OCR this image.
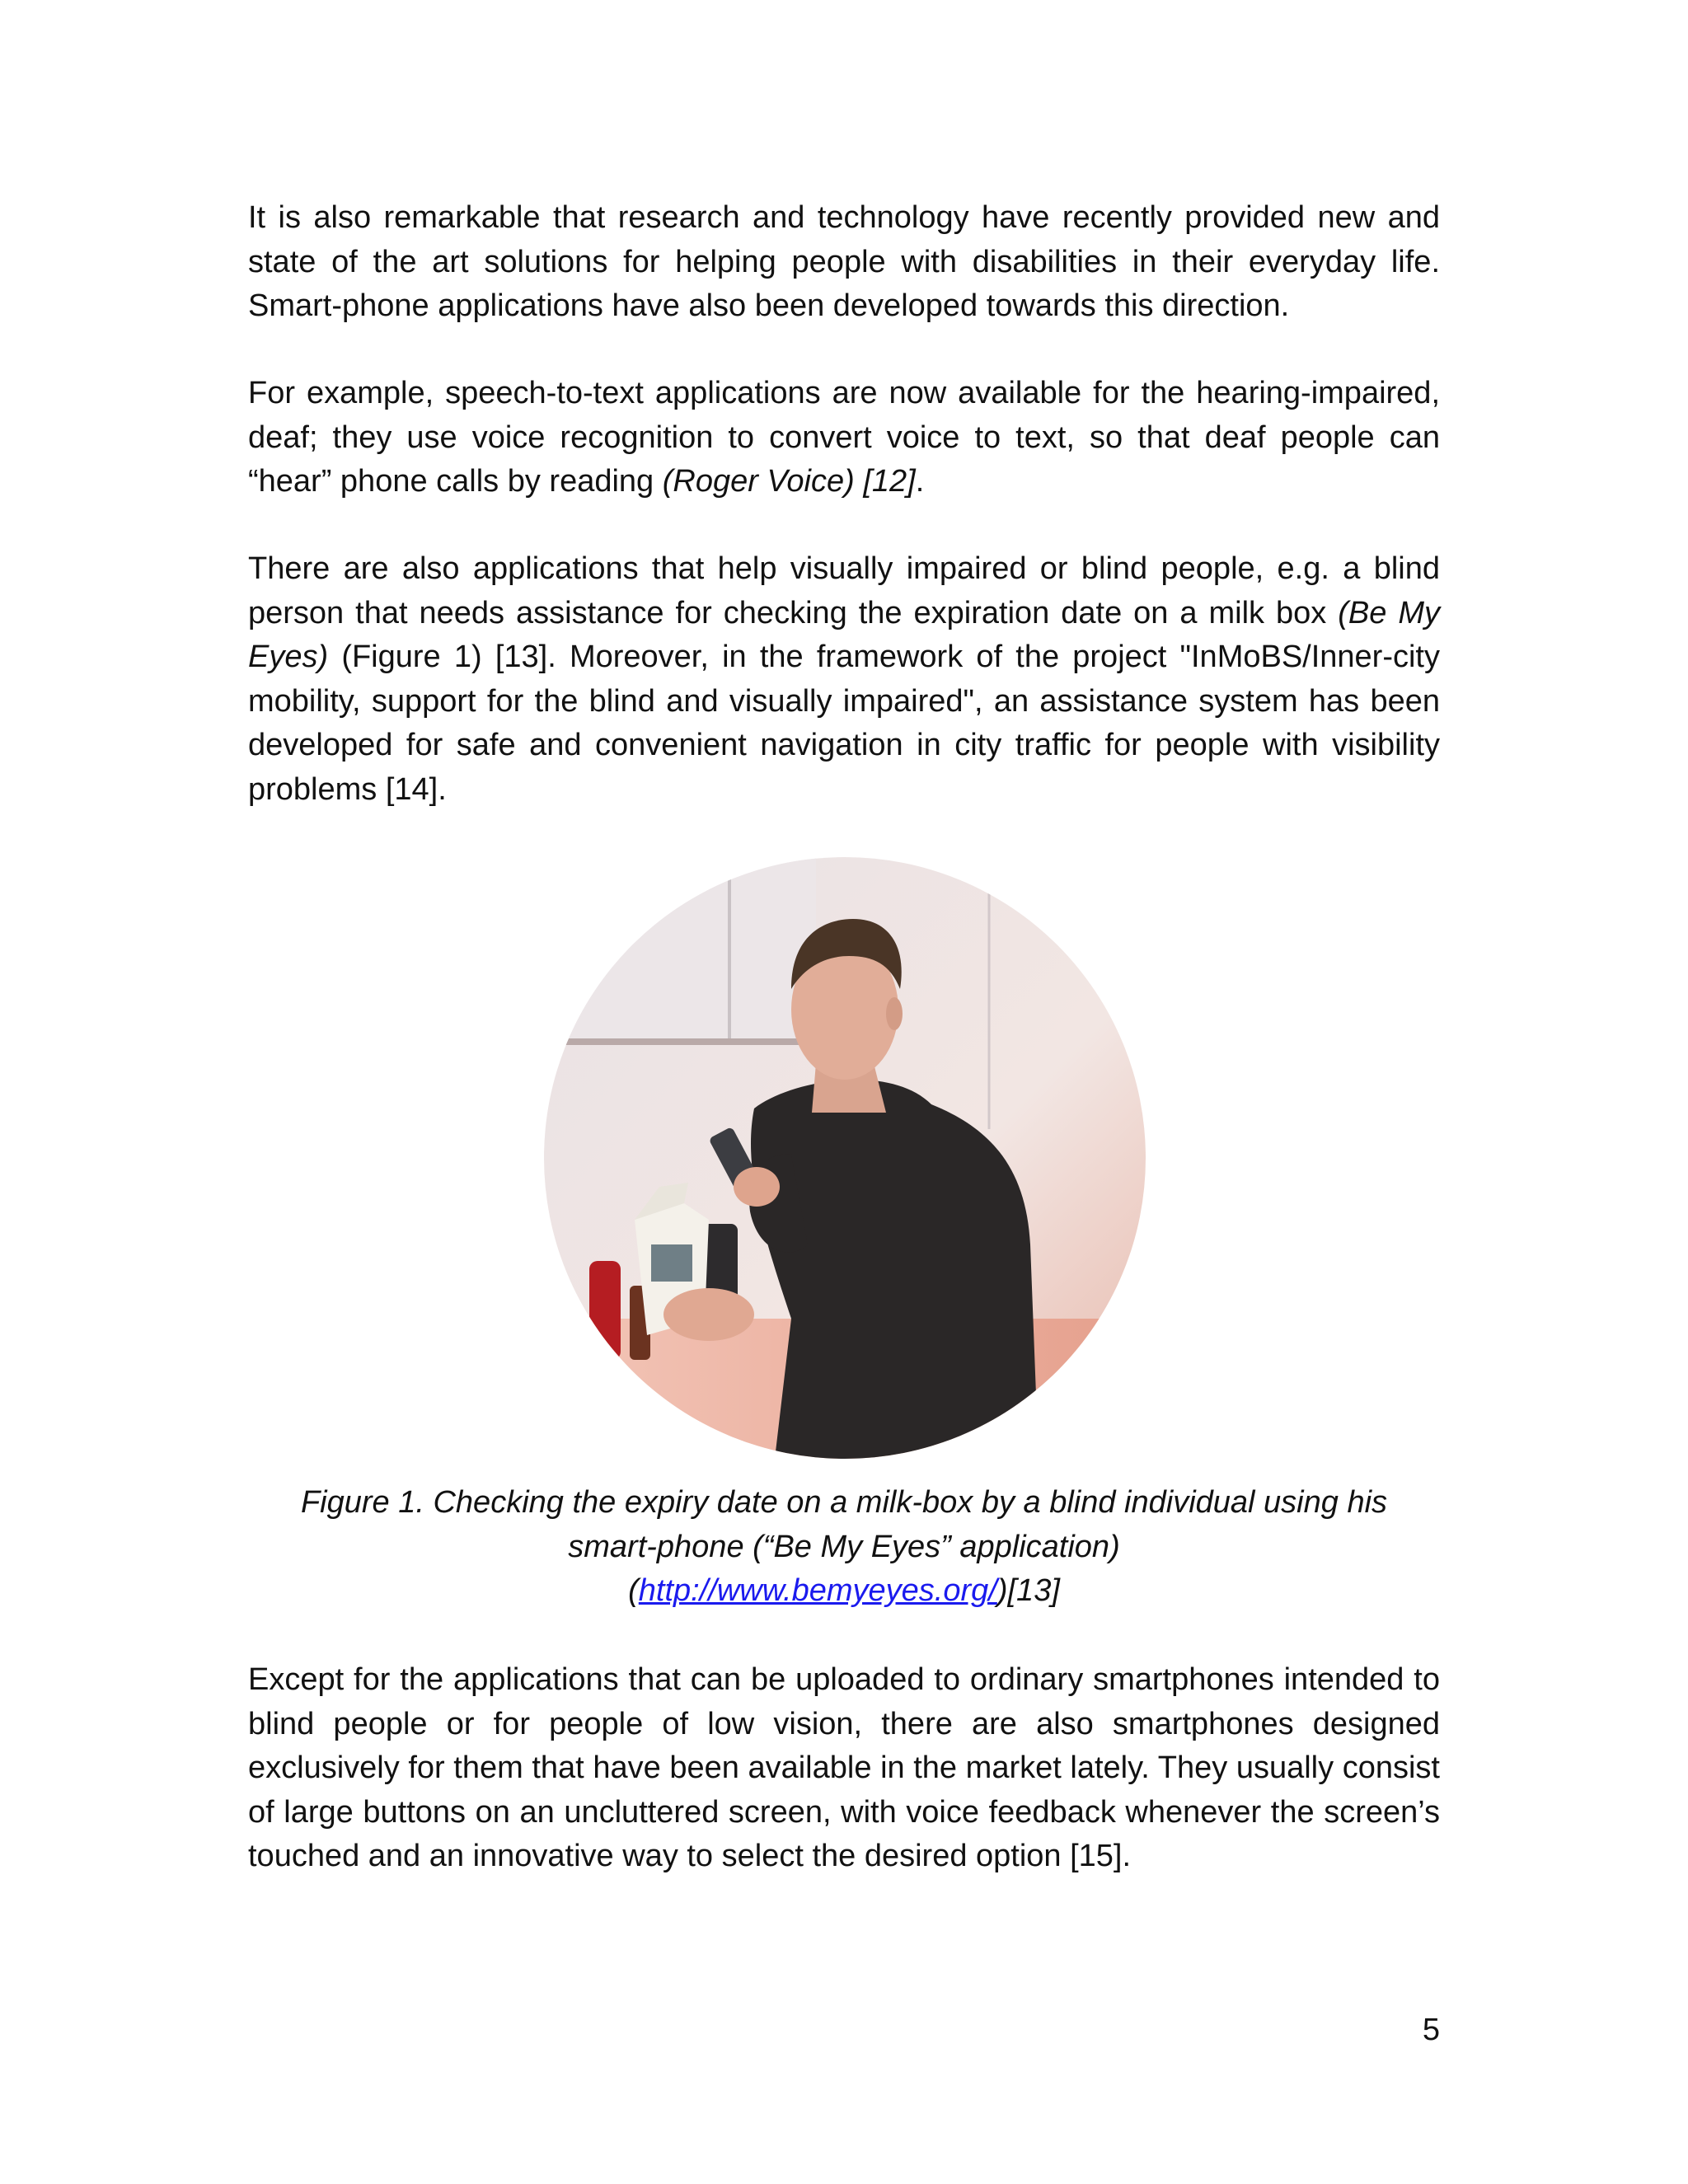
It is also remarkable that research and technology have recently provided new and state of the art solutions for helping people with disabilities in their everyday life. Smart-phone applications have also been developed towards this direction.

For example, speech-to-text applications are now available for the hearing-impaired, deaf; they use voice recognition to convert voice to text, so that deaf people can “hear” phone calls by reading (Roger Voice) [12].

There are also applications that help visually impaired or blind people, e.g. a blind person that needs assistance for checking the expiration date on a milk box (Be My Eyes) (Figure 1) [13]. Moreover, in the framework of the project "InMoBS/Inner-city mobility, support for the blind and visually impaired", an assistance system has been developed for safe and convenient navigation in city traffic for people with visibility problems [14].

Figure 1. Checking the expiry date on a milk-box by a blind individual using his
smart-phone (“Be My Eyes” application)
(http://www.bemyeyes.org/)[13]

Except for the applications that can be uploaded to ordinary smartphones intended to blind people or for people of low vision, there are also smartphones designed exclusively for them that have been available in the market lately. They usually consist of large buttons on an uncluttered screen, with voice feedback whenever the screen’s touched and an innovative way to select the desired option [15].

5
